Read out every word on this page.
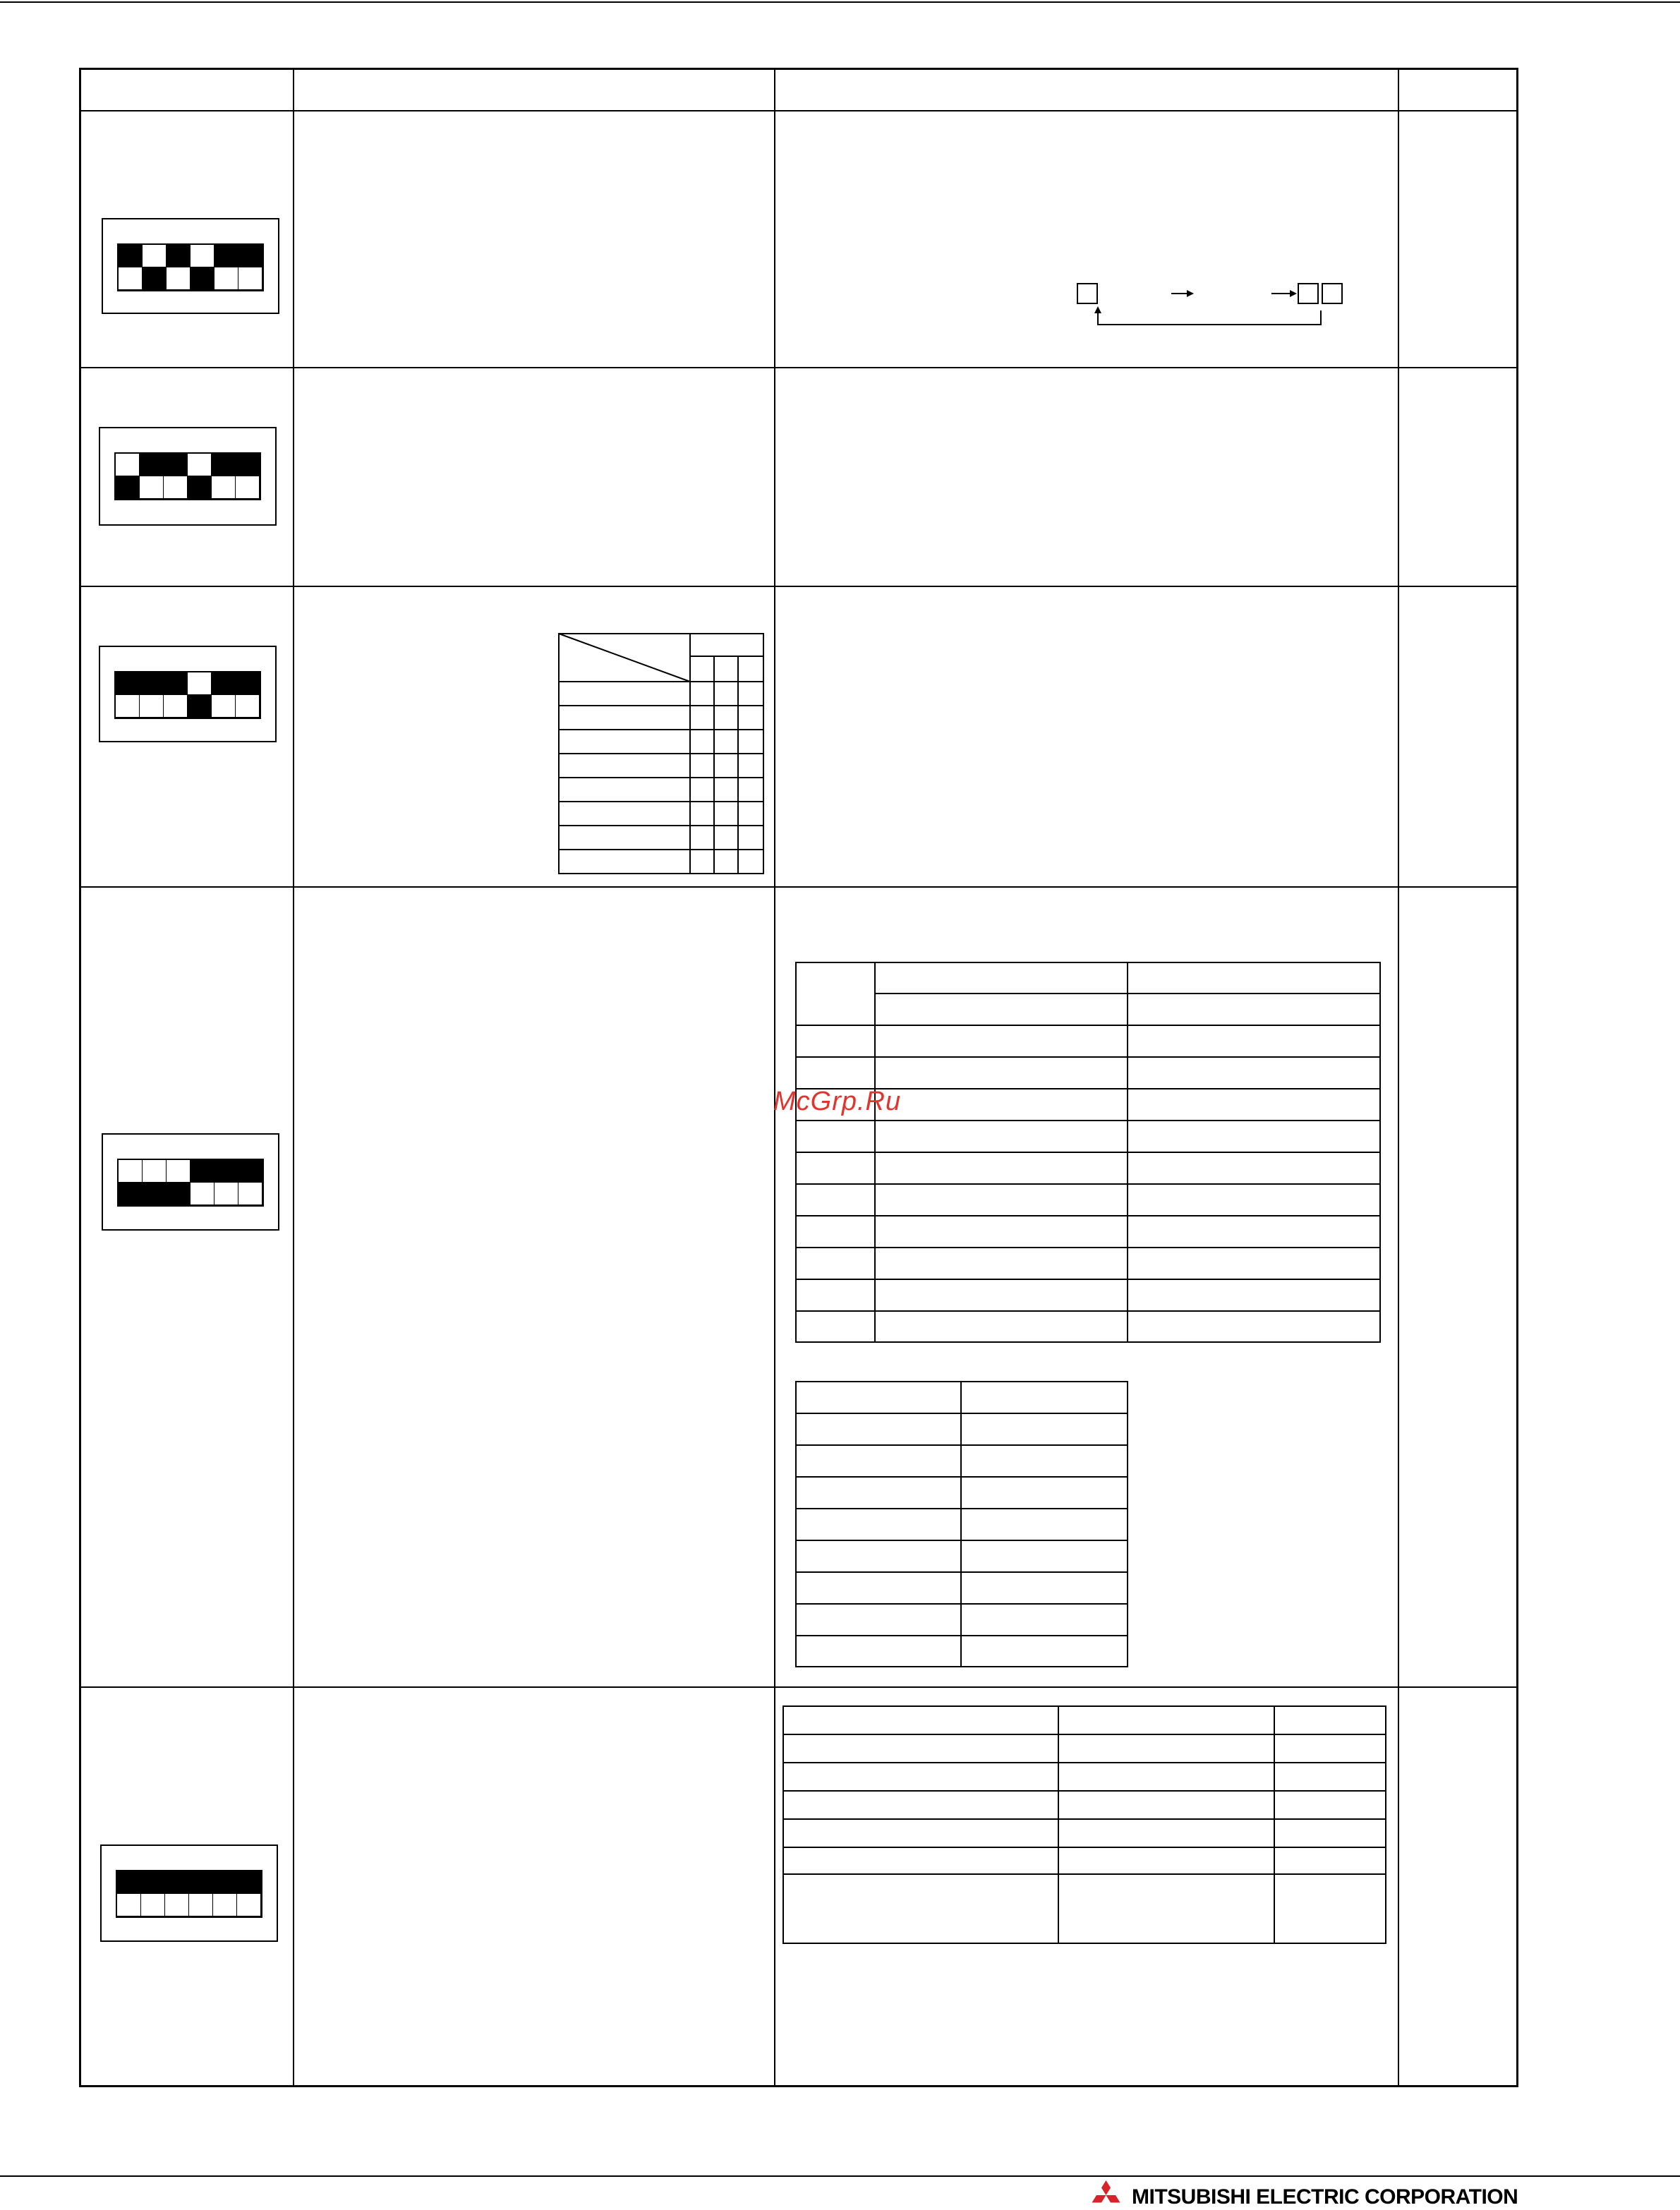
McGrp.Ru
MITSUBISHI ELECTRIC CORPORATION
